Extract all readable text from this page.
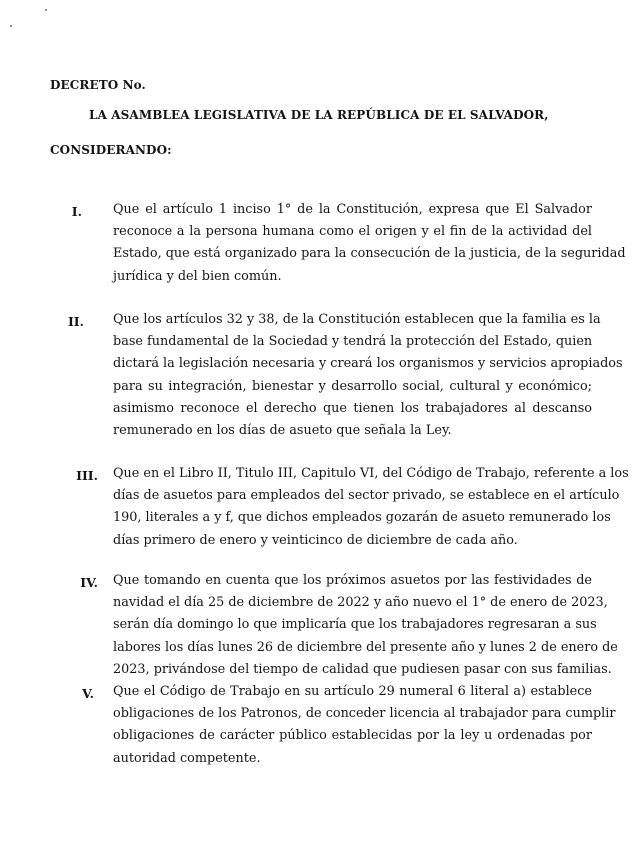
DECRETO No.

LA ASAMBLEA LEGISLATIVA DE LA REPÚBLICA DE EL SALVADOR,

CONSIDERANDO:

I. Que el artículo 1 inciso 1° de la Constitución, expresa que El Salvador
reconoce a la persona humana como el origen y el fin de la actividad del
Estado, que está organizado para la consecución de la justicia, de la seguridad
jurídica y del bien común.

II. Que los artículos 32 y 38, de la Constitución establecen que la familia es la
base fundamental de la Sociedad y tendrá la protección del Estado, quien
dictará la legislación necesaria y creará los organismos y servicios apropiados
para su integración, bienestar y desarrollo social, cultural y económico;
asimismo reconoce el derecho que tienen los trabajadores al descanso
remunerado en los días de asueto que señala la Ley.

III. Que en el Libro II, Titulo III, Capitulo VI, del Código de Trabajo, referente a los
días de asuetos para empleados del sector privado, se establece en el artículo
190, literales a y f, que dichos empleados gozarán de asueto remunerado los
días primero de enero y veinticinco de diciembre de cada año.

IV. Que tomando en cuenta que los próximos asuetos por las festividades de
navidad el día 25 de diciembre de 2022 y año nuevo el 1° de enero de 2023,
serán día domingo lo que implicaría que los trabajadores regresaran a sus
labores los días lunes 26 de diciembre del presente año y lunes 2 de enero de
2023, privándose del tiempo de calidad que pudiesen pasar con sus familias.

V. Que el Código de Trabajo en su artículo 29 numeral 6 literal a) establece
obligaciones de los Patronos, de conceder licencia al trabajador para cumplir
obligaciones de carácter público establecidas por la ley u ordenadas por
autoridad competente.
